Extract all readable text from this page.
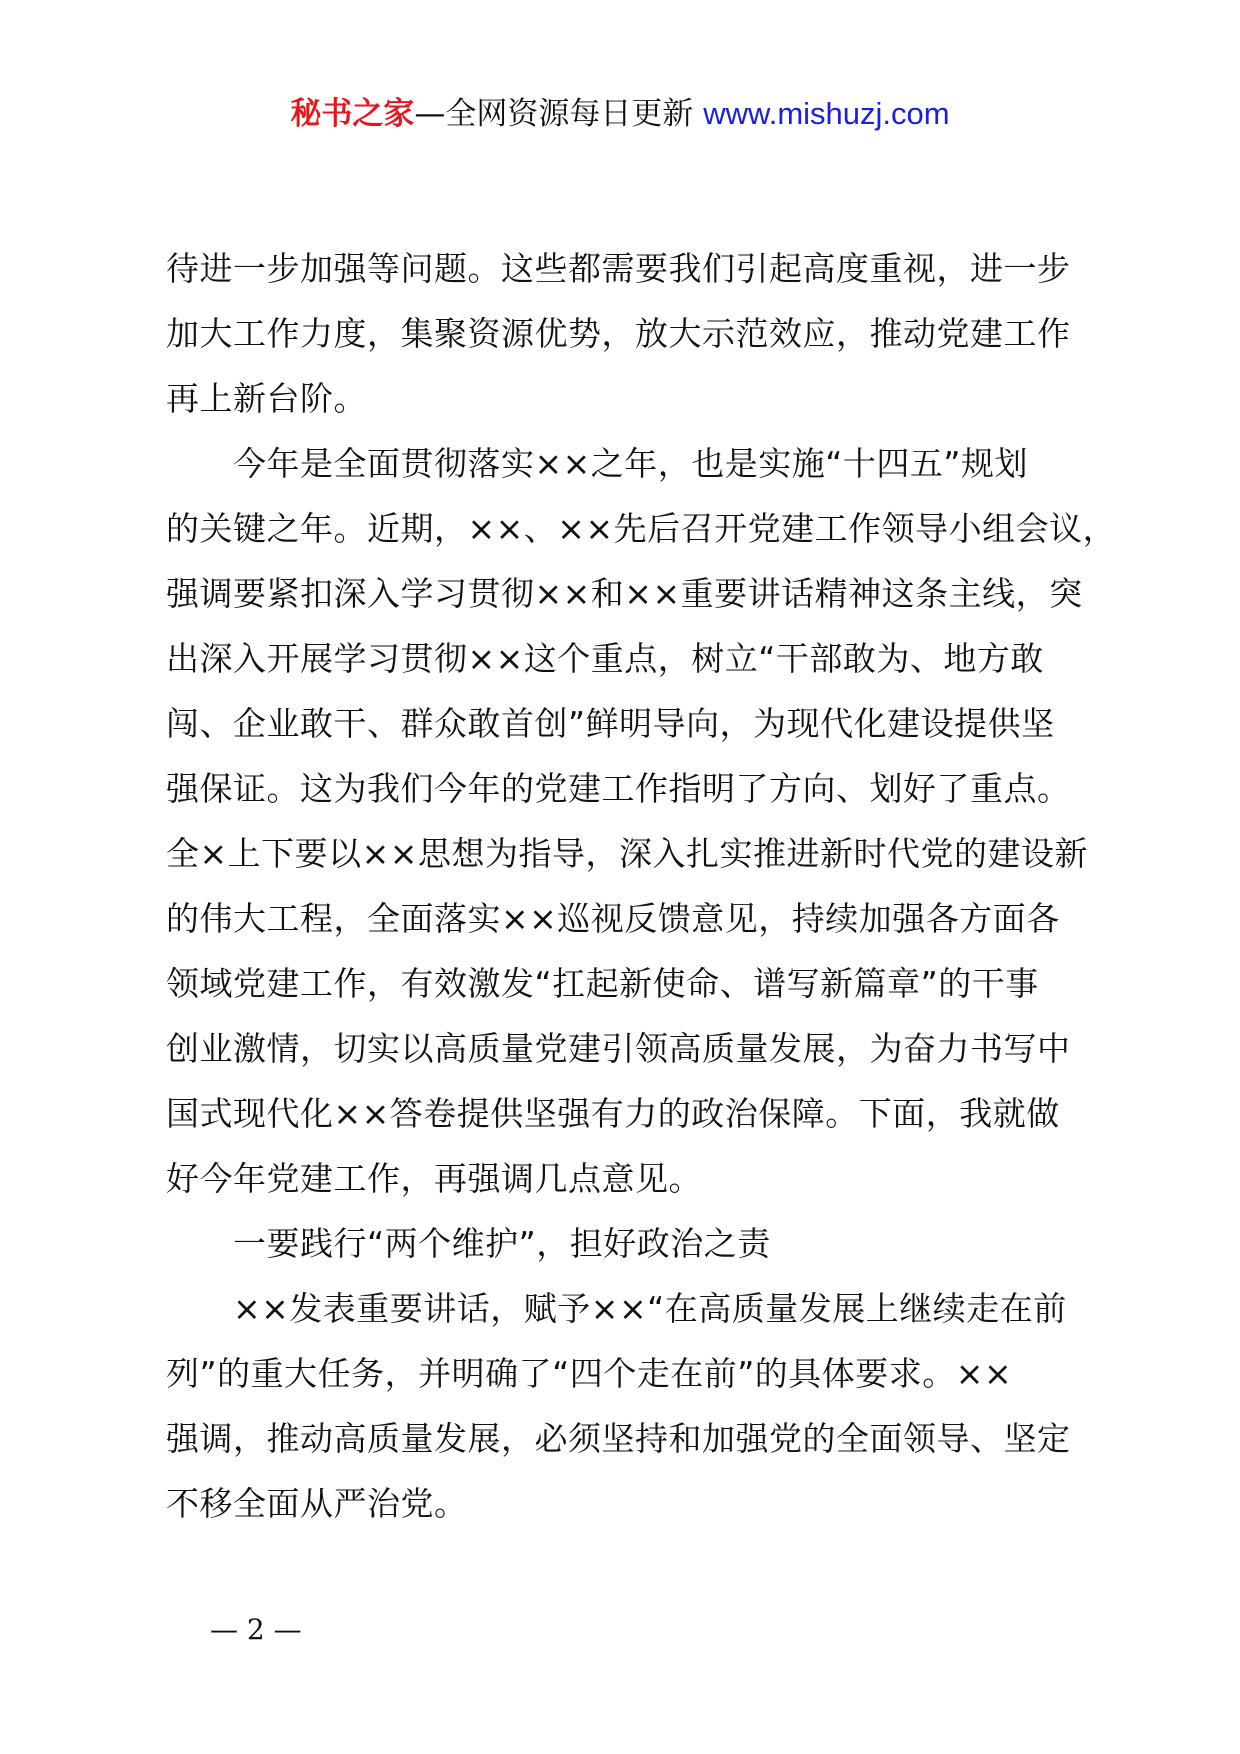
秘书之家—全网资源每日更新 www.mishuzj.com
待进一步加强等问题。这些都需要我们引起高度重视，进一步
加大工作力度，集聚资源优势，放大示范效应，推动党建工作
再上新台阶。
今年是全面贯彻落实××之年，也是实施“十四五”规划
的关键之年。近期，××、××先后召开党建工作领导小组会议，
强调要紧扣深入学习贯彻××和××重要讲话精神这条主线，突
出深入开展学习贯彻××这个重点，树立“干部敢为、地方敢
闯、企业敢干、群众敢首创”鲜明导向，为现代化建设提供坚
强保证。这为我们今年的党建工作指明了方向、划好了重点。
全×上下要以××思想为指导，深入扎实推进新时代党的建设新
的伟大工程，全面落实××巡视反馈意见，持续加强各方面各
领域党建工作，有效激发“扛起新使命、谱写新篇章”的干事
创业激情，切实以高质量党建引领高质量发展，为奋力书写中
国式现代化××答卷提供坚强有力的政治保障。下面，我就做
好今年党建工作，再强调几点意见。
一要践行“两个维护”，担好政治之责
××发表重要讲话，赋予××“在高质量发展上继续走在前
列”的重大任务，并明确了“四个走在前”的具体要求。××
强调，推动高质量发展，必须坚持和加强党的全面领导、坚定
不移全面从严治党。
— 2 —
